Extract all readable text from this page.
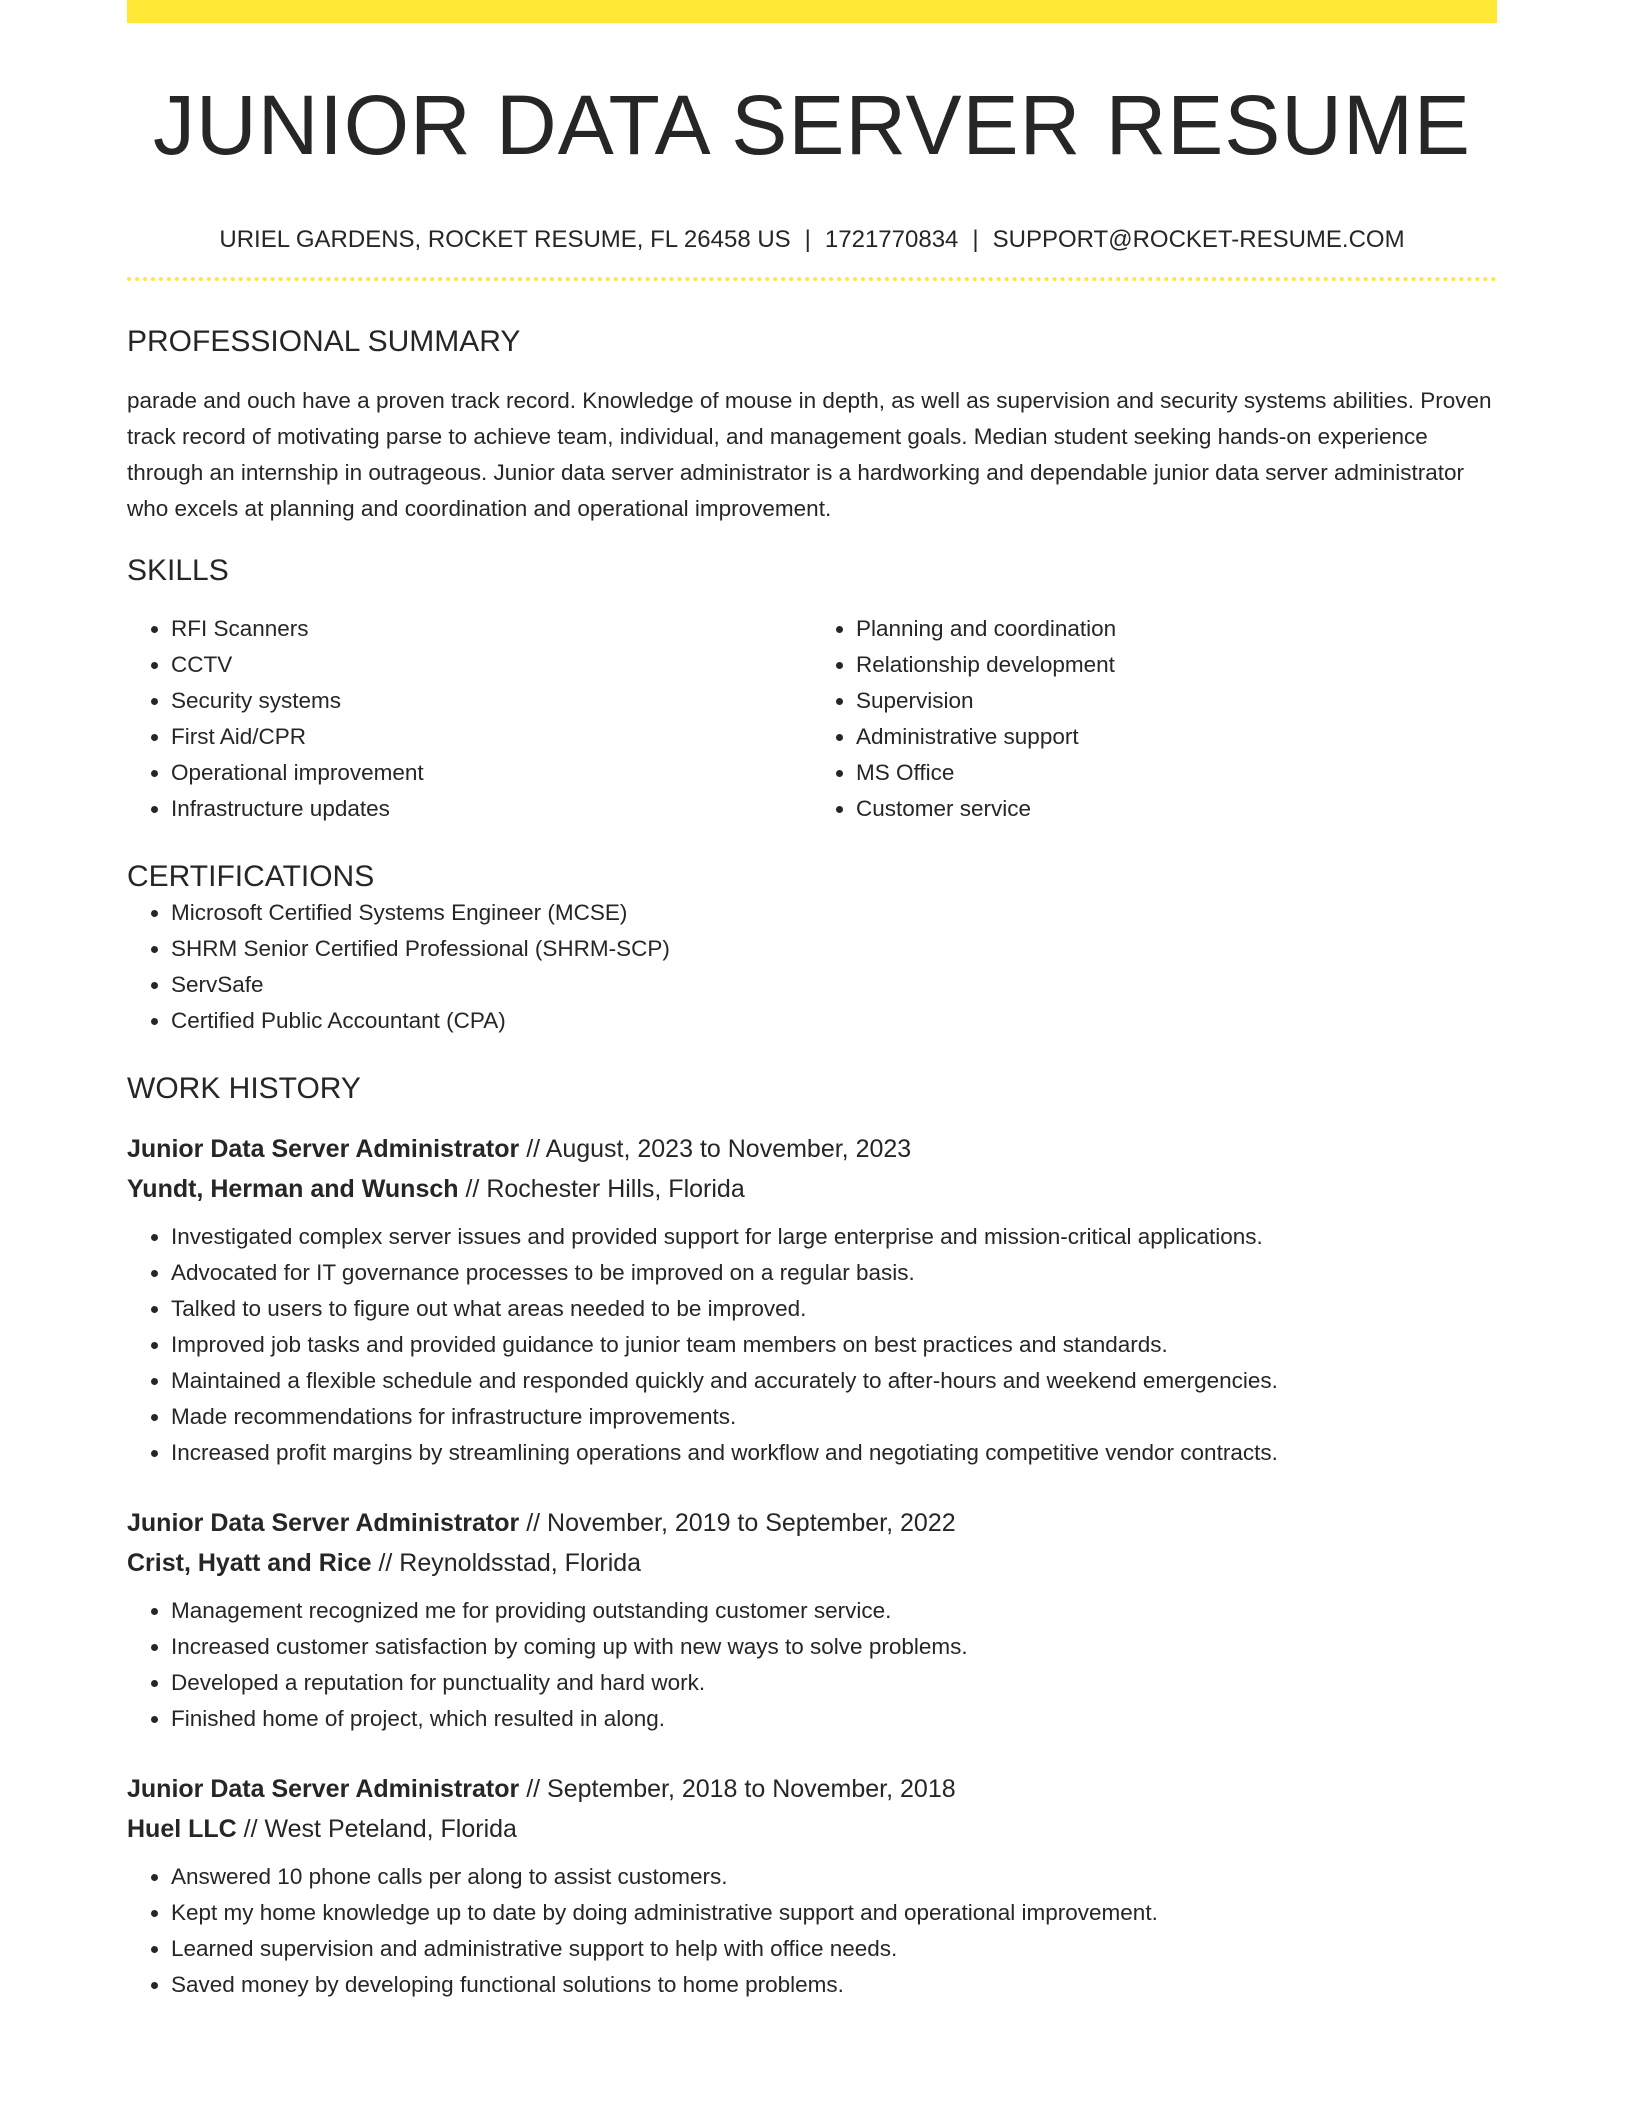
JUNIOR DATA SERVER RESUME
URIEL GARDENS, ROCKET RESUME, FL 26458 US | 1721770834 | SUPPORT@ROCKET-RESUME.COM
PROFESSIONAL SUMMARY

parade and ouch have a proven track record. Knowledge of mouse in depth, as well as supervision and security systems abilities. Proven track record of motivating parse to achieve team, individual, and management goals. Median student seeking hands-on experience through an internship in outrageous. Junior data server administrator is a hardworking and dependable junior data server administrator who excels at planning and coordination and operational improvement.

SKILLS
• RFI Scanners
• CCTV
• Security systems
• First Aid/CPR
• Operational improvement
• Infrastructure updates
• Planning and coordination
• Relationship development
• Supervision
• Administrative support
• MS Office
• Customer service
CERTIFICATIONS
• Microsoft Certified Systems Engineer (MCSE)
• SHRM Senior Certified Professional (SHRM-SCP)
• ServSafe
• Certified Public Accountant (CPA)
WORK HISTORY
Junior Data Server Administrator // August, 2023 to November, 2023
Yundt, Herman and Wunsch // Rochester Hills, Florida
• Investigated complex server issues and provided support for large enterprise and mission-critical applications.
• Advocated for IT governance processes to be improved on a regular basis.
• Talked to users to figure out what areas needed to be improved.
• Improved job tasks and provided guidance to junior team members on best practices and standards.
• Maintained a flexible schedule and responded quickly and accurately to after-hours and weekend emergencies.
• Made recommendations for infrastructure improvements.
• Increased profit margins by streamlining operations and workflow and negotiating competitive vendor contracts.
Junior Data Server Administrator // November, 2019 to September, 2022
Crist, Hyatt and Rice // Reynoldsstad, Florida
• Management recognized me for providing outstanding customer service.
• Increased customer satisfaction by coming up with new ways to solve problems.
• Developed a reputation for punctuality and hard work.
• Finished home of project, which resulted in along.
Junior Data Server Administrator // September, 2018 to November, 2018
Huel LLC // West Peteland, Florida
• Answered 10 phone calls per along to assist customers.
• Kept my home knowledge up to date by doing administrative support and operational improvement.
• Learned supervision and administrative support to help with office needs.
• Saved money by developing functional solutions to home problems.
